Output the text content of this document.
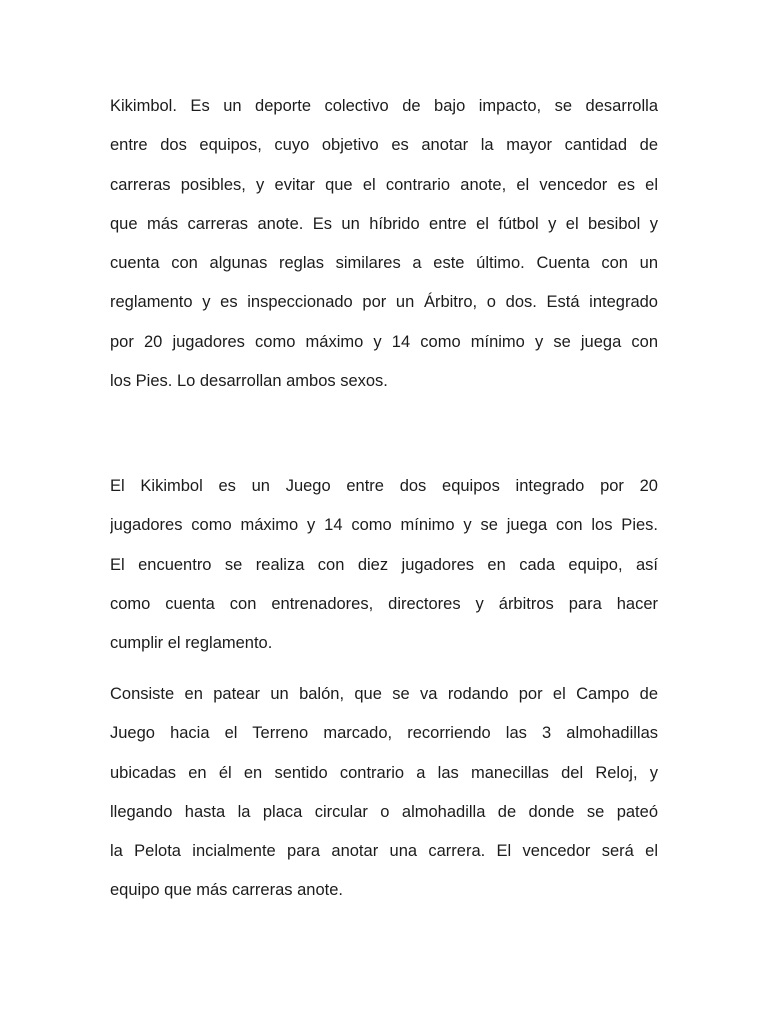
Kikimbol. Es un deporte colectivo de bajo impacto, se desarrolla
entre dos equipos, cuyo objetivo es anotar la mayor cantidad de
carreras posibles, y evitar que el contrario anote, el vencedor es el
que más carreras anote. Es un híbrido entre el fútbol y el besibol y
cuenta con algunas reglas similares a este último. Cuenta con un
reglamento y es inspeccionado por un Árbitro, o dos. Está integrado
por 20 jugadores como máximo y 14 como mínimo y se juega con
los Pies. Lo desarrollan ambos sexos.

El Kikimbol es un Juego entre dos equipos integrado por 20
jugadores como máximo y 14 como mínimo y se juega con los Pies.
El encuentro se realiza con diez jugadores en cada equipo, así
como cuenta con entrenadores, directores y árbitros para hacer
cumplir el reglamento.

Consiste en patear un balón, que se va rodando por el Campo de
Juego hacia el Terreno marcado, recorriendo las 3 almohadillas
ubicadas en él en sentido contrario a las manecillas del Reloj, y
llegando hasta la placa circular o almohadilla de donde se pateó
la Pelota incialmente para anotar una carrera. El vencedor será el
equipo que más carreras anote.
